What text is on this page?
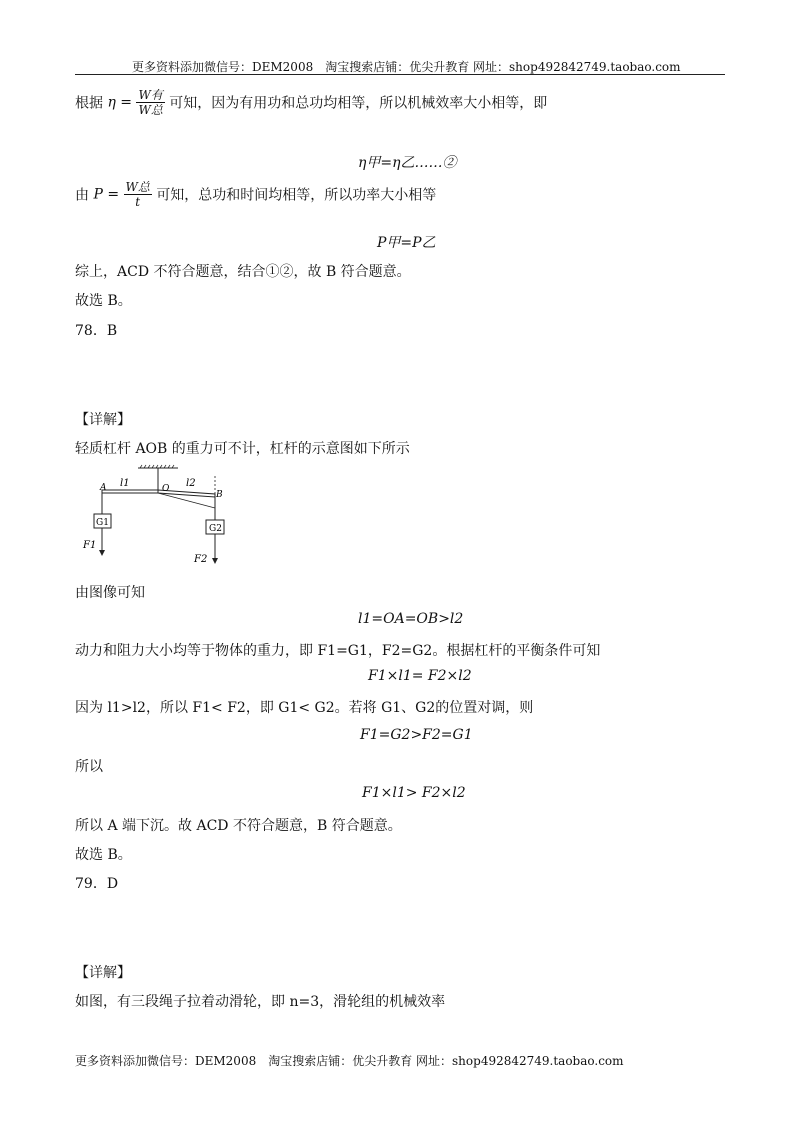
更多资料添加微信号：DEM2008　淘宝搜索店铺：优尖升教育 网址：shop492842749.taobao.com
根据 $\eta = \frac{\text{W有}}{\text{W总}}$ 可知，因为有用功和总功均相等，所以机械效率大小相等，即
η甲=η乙……②
由 $P = \frac{\text{W总}}{t}$ 可知，总功和时间均相等，所以功率大小相等
P甲=P乙
综上，ACD 不符合题意，结合①②，故 B 符合题意。
故选 B。
78．B
【详解】
轻质杠杆 AOB 的重力可不计，杠杆的示意图如下所示
l1	l2
O
A
B
G1
F1
G2
F2
由图像可知
l1=OA=OB>l2
动力和阻力大小均等于物体的重力，即 F1=G1，F2=G2。根据杠杆的平衡条件可知
F1×l1= F2×l2
因为 l1>l2，所以 F1< F2，即 G1< G2。若将 G1、G2的位置对调，则
F1=G2>F2=G1
所以
F1×l1> F2×l2
所以 A 端下沉。故 ACD 不符合题意，B 符合题意。
故选 B。
79．D
【详解】
如图，有三段绳子拉着动滑轮，即 n=3，滑轮组的机械效率
更多资料添加微信号：DEM2008　淘宝搜索店铺：优尖升教育 网址：shop492842749.taobao.com
